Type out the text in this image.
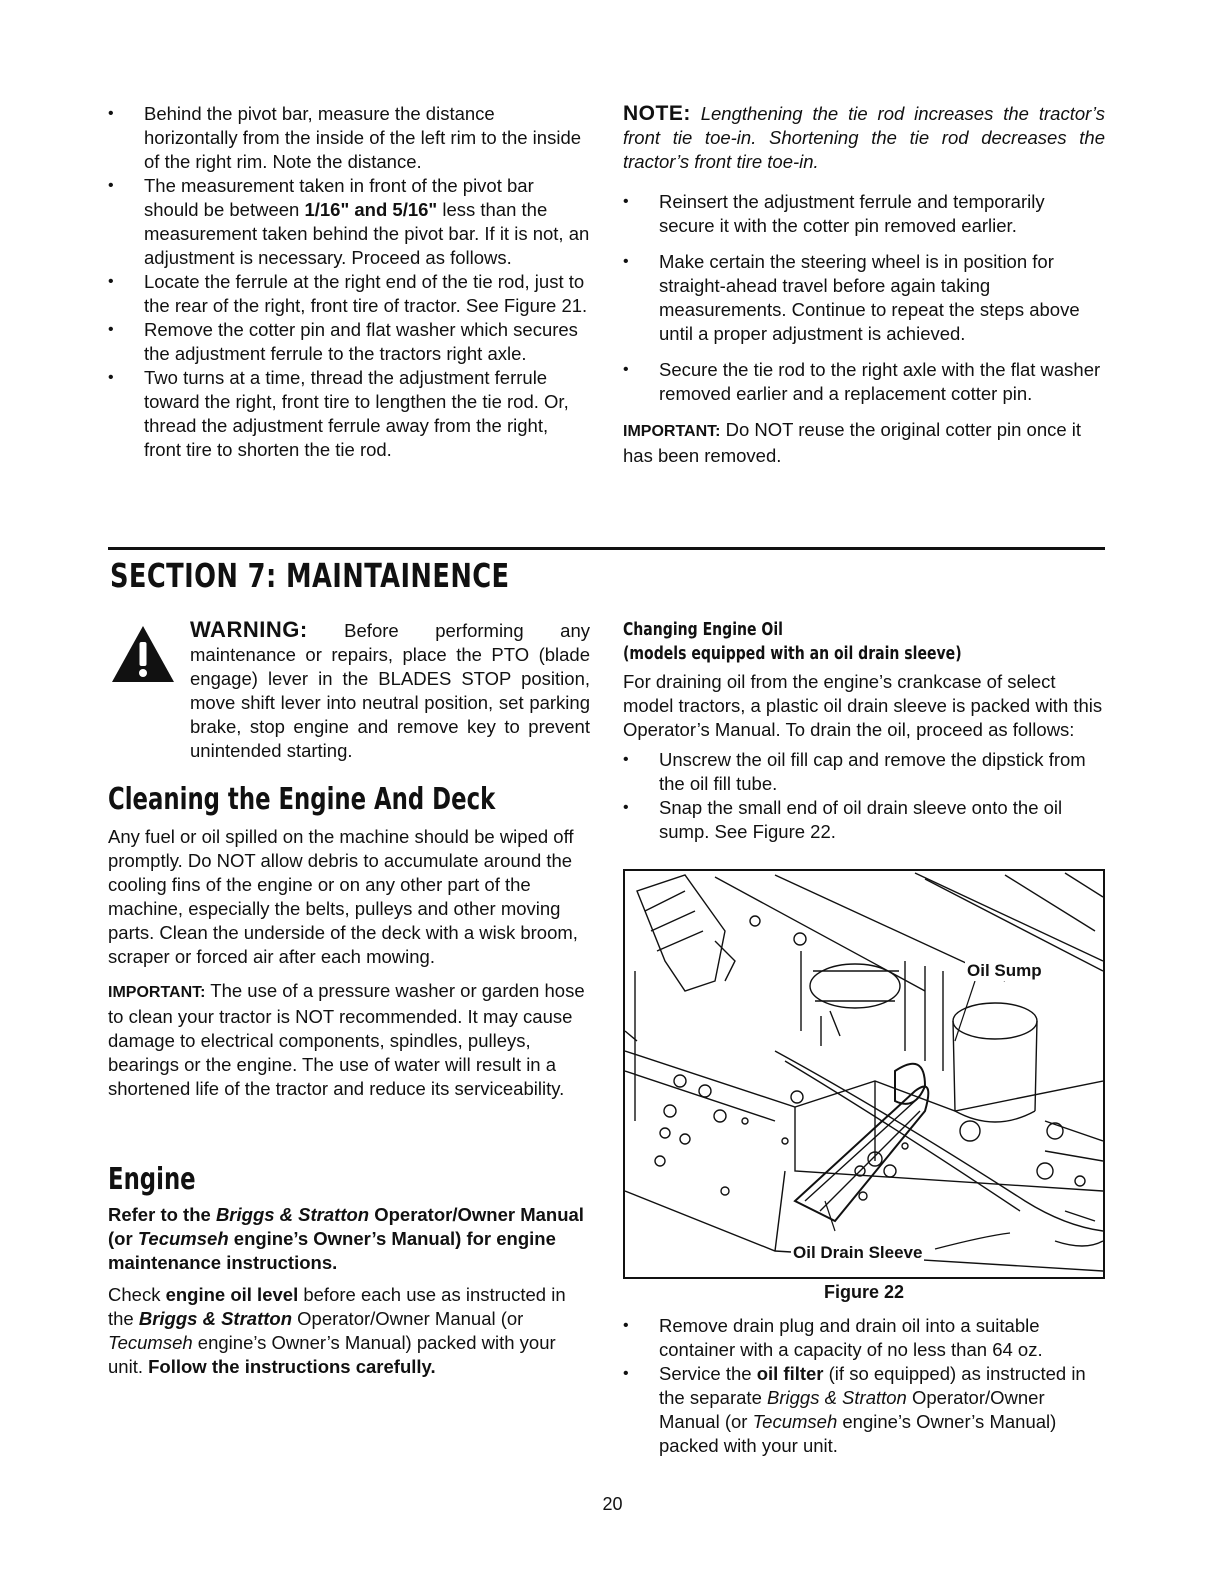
• Behind the pivot bar, measure the distance horizontally from the inside of the left rim to the inside of the right rim. Note the distance.
• The measurement taken in front of the pivot bar should be between 1/16" and 5/16" less than the measurement taken behind the pivot bar. If it is not, an adjustment is necessary. Proceed as follows.
• Locate the ferrule at the right end of the tie rod, just to the rear of the right, front tire of tractor. See Figure 21.
• Remove the cotter pin and flat washer which secures the adjustment ferrule to the tractors right axle.
• Two turns at a time, thread the adjustment ferrule toward the right, front tire to lengthen the tie rod. Or, thread the adjustment ferrule away from the right, front tire to shorten the tie rod.

NOTE: Lengthening the tie rod increases the tractor’s front tie toe-in. Shortening the tie rod decreases the tractor’s front tire toe-in.

• Reinsert the adjustment ferrule and temporarily secure it with the cotter pin removed earlier.
• Make certain the steering wheel is in position for straight-ahead travel before again taking measurements. Continue to repeat the steps above until a proper adjustment is achieved.
• Secure the tie rod to the right axle with the flat washer removed earlier and a replacement cotter pin.

IMPORTANT: Do NOT reuse the original cotter pin once it has been removed.

SECTION 7: MAINTAINENCE

WARNING: Before performing any maintenance or repairs, place the PTO (blade engage) lever in the BLADES STOP position, move shift lever into neutral position, set parking brake, stop engine and remove key to prevent unintended starting.

Cleaning the Engine And Deck

Any fuel or oil spilled on the machine should be wiped off promptly. Do NOT allow debris to accumulate around the cooling fins of the engine or on any other part of the machine, especially the belts, pulleys and other moving parts. Clean the underside of the deck with a wisk broom, scraper or forced air after each mowing.

IMPORTANT: The use of a pressure washer or garden hose to clean your tractor is NOT recommended. It may cause damage to electrical components, spindles, pulleys, bearings or the engine. The use of water will result in a shortened life of the tractor and reduce its serviceability.

Engine

Refer to the Briggs & Stratton Operator/Owner Manual (or Tecumseh engine’s Owner’s Manual) for engine maintenance instructions.

Check engine oil level before each use as instructed in the Briggs & Stratton Operator/Owner Manual (or Tecumseh engine’s Owner’s Manual) packed with your unit. Follow the instructions carefully.

Changing Engine Oil
(models equipped with an oil drain sleeve)

For draining oil from the engine’s crankcase of select model tractors, a plastic oil drain sleeve is packed with this Operator’s Manual. To drain the oil, proceed as follows:

• Unscrew the oil fill cap and remove the dipstick from the oil fill tube.
• Snap the small end of oil drain sleeve onto the oil sump. See Figure 22.
Oil Sump
Oil Drain Sleeve
Figure 22
• Remove drain plug and drain oil into a suitable container with a capacity of no less than 64 oz.
• Service the oil filter (if so equipped) as instructed in the separate Briggs & Stratton Operator/Owner Manual (or Tecumseh engine’s Owner’s Manual) packed with your unit.
20
